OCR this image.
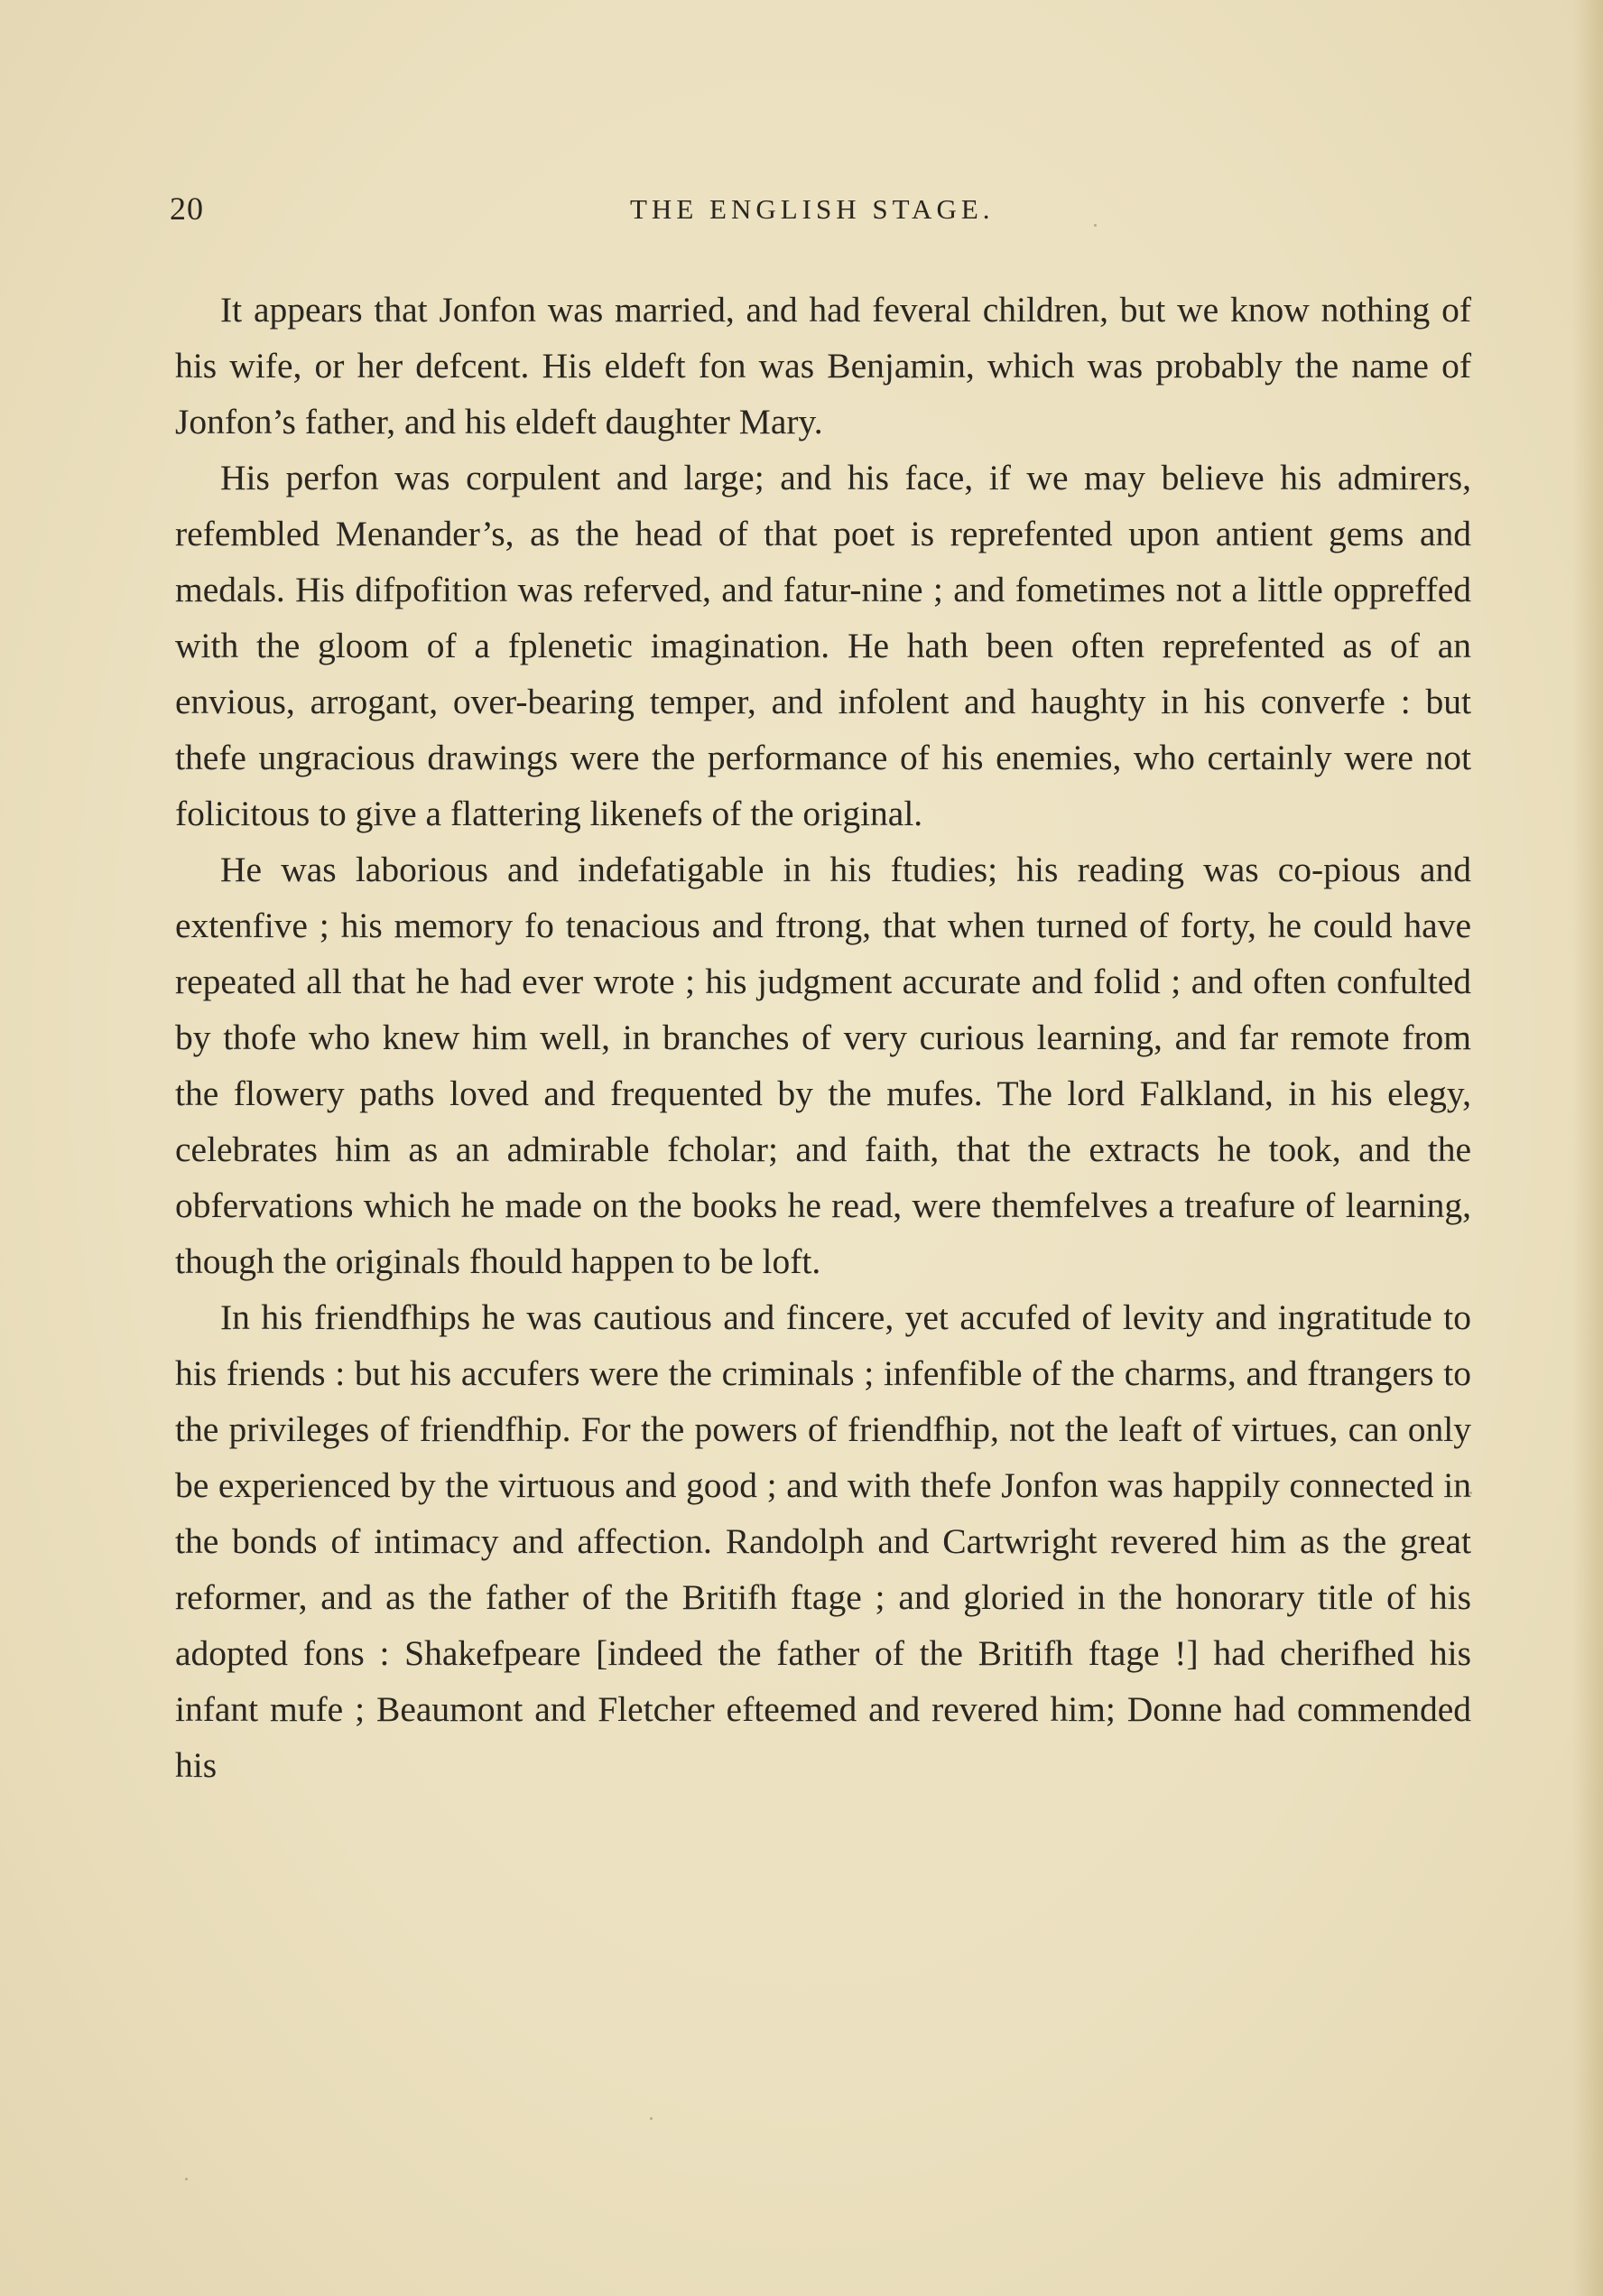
20	THE ENGLISH STAGE.

It appears that Jonfon was married, and had feveral children, but we know nothing of his wife, or her defcent. His eldeft fon was Benjamin, which was probably the name of Jonfon’s father, and his eldeft daughter Mary.

His perfon was corpulent and large; and his face, if we may believe his admirers, refembled Menander’s, as the head of that poet is reprefented upon antient gems and medals. His difpofition was referved, and fatur-nine ; and fometimes not a little oppreffed with the gloom of a fplenetic imagination. He hath been often reprefented as of an envious, arrogant, over-bearing temper, and infolent and haughty in his converfe : but thefe ungracious drawings were the performance of his enemies, who certainly were not folicitous to give a flattering likenefs of the original.

He was laborious and indefatigable in his ftudies; his reading was co-pious and extenfive ; his memory fo tenacious and ftrong, that when turned of forty, he could have repeated all that he had ever wrote ; his judgment accurate and folid ; and often confulted by thofe who knew him well, in branches of very curious learning, and far remote from the flowery paths loved and frequented by the mufes. The lord Falkland, in his elegy, celebrates him as an admirable fcholar; and faith, that the extracts he took, and the obfervations which he made on the books he read, were themfelves a treafure of learning, though the originals fhould happen to be loft.

In his friendfhips he was cautious and fincere, yet accufed of levity and ingratitude to his friends : but his accufers were the criminals ; infenfible of the charms, and ftrangers to the privileges of friendfhip. For the powers of friendfhip, not the leaft of virtues, can only be experienced by the virtuous and good ; and with thefe Jonfon was happily connected in the bonds of intimacy and affection. Randolph and Cartwright revered him as the great reformer, and as the father of the Britifh ftage ; and gloried in the honorary title of his adopted fons : Shakefpeare [indeed the father of the Britifh ftage !] had cherifhed his infant mufe ; Beaumont and Fletcher efteemed and revered him; Donne had commended his
